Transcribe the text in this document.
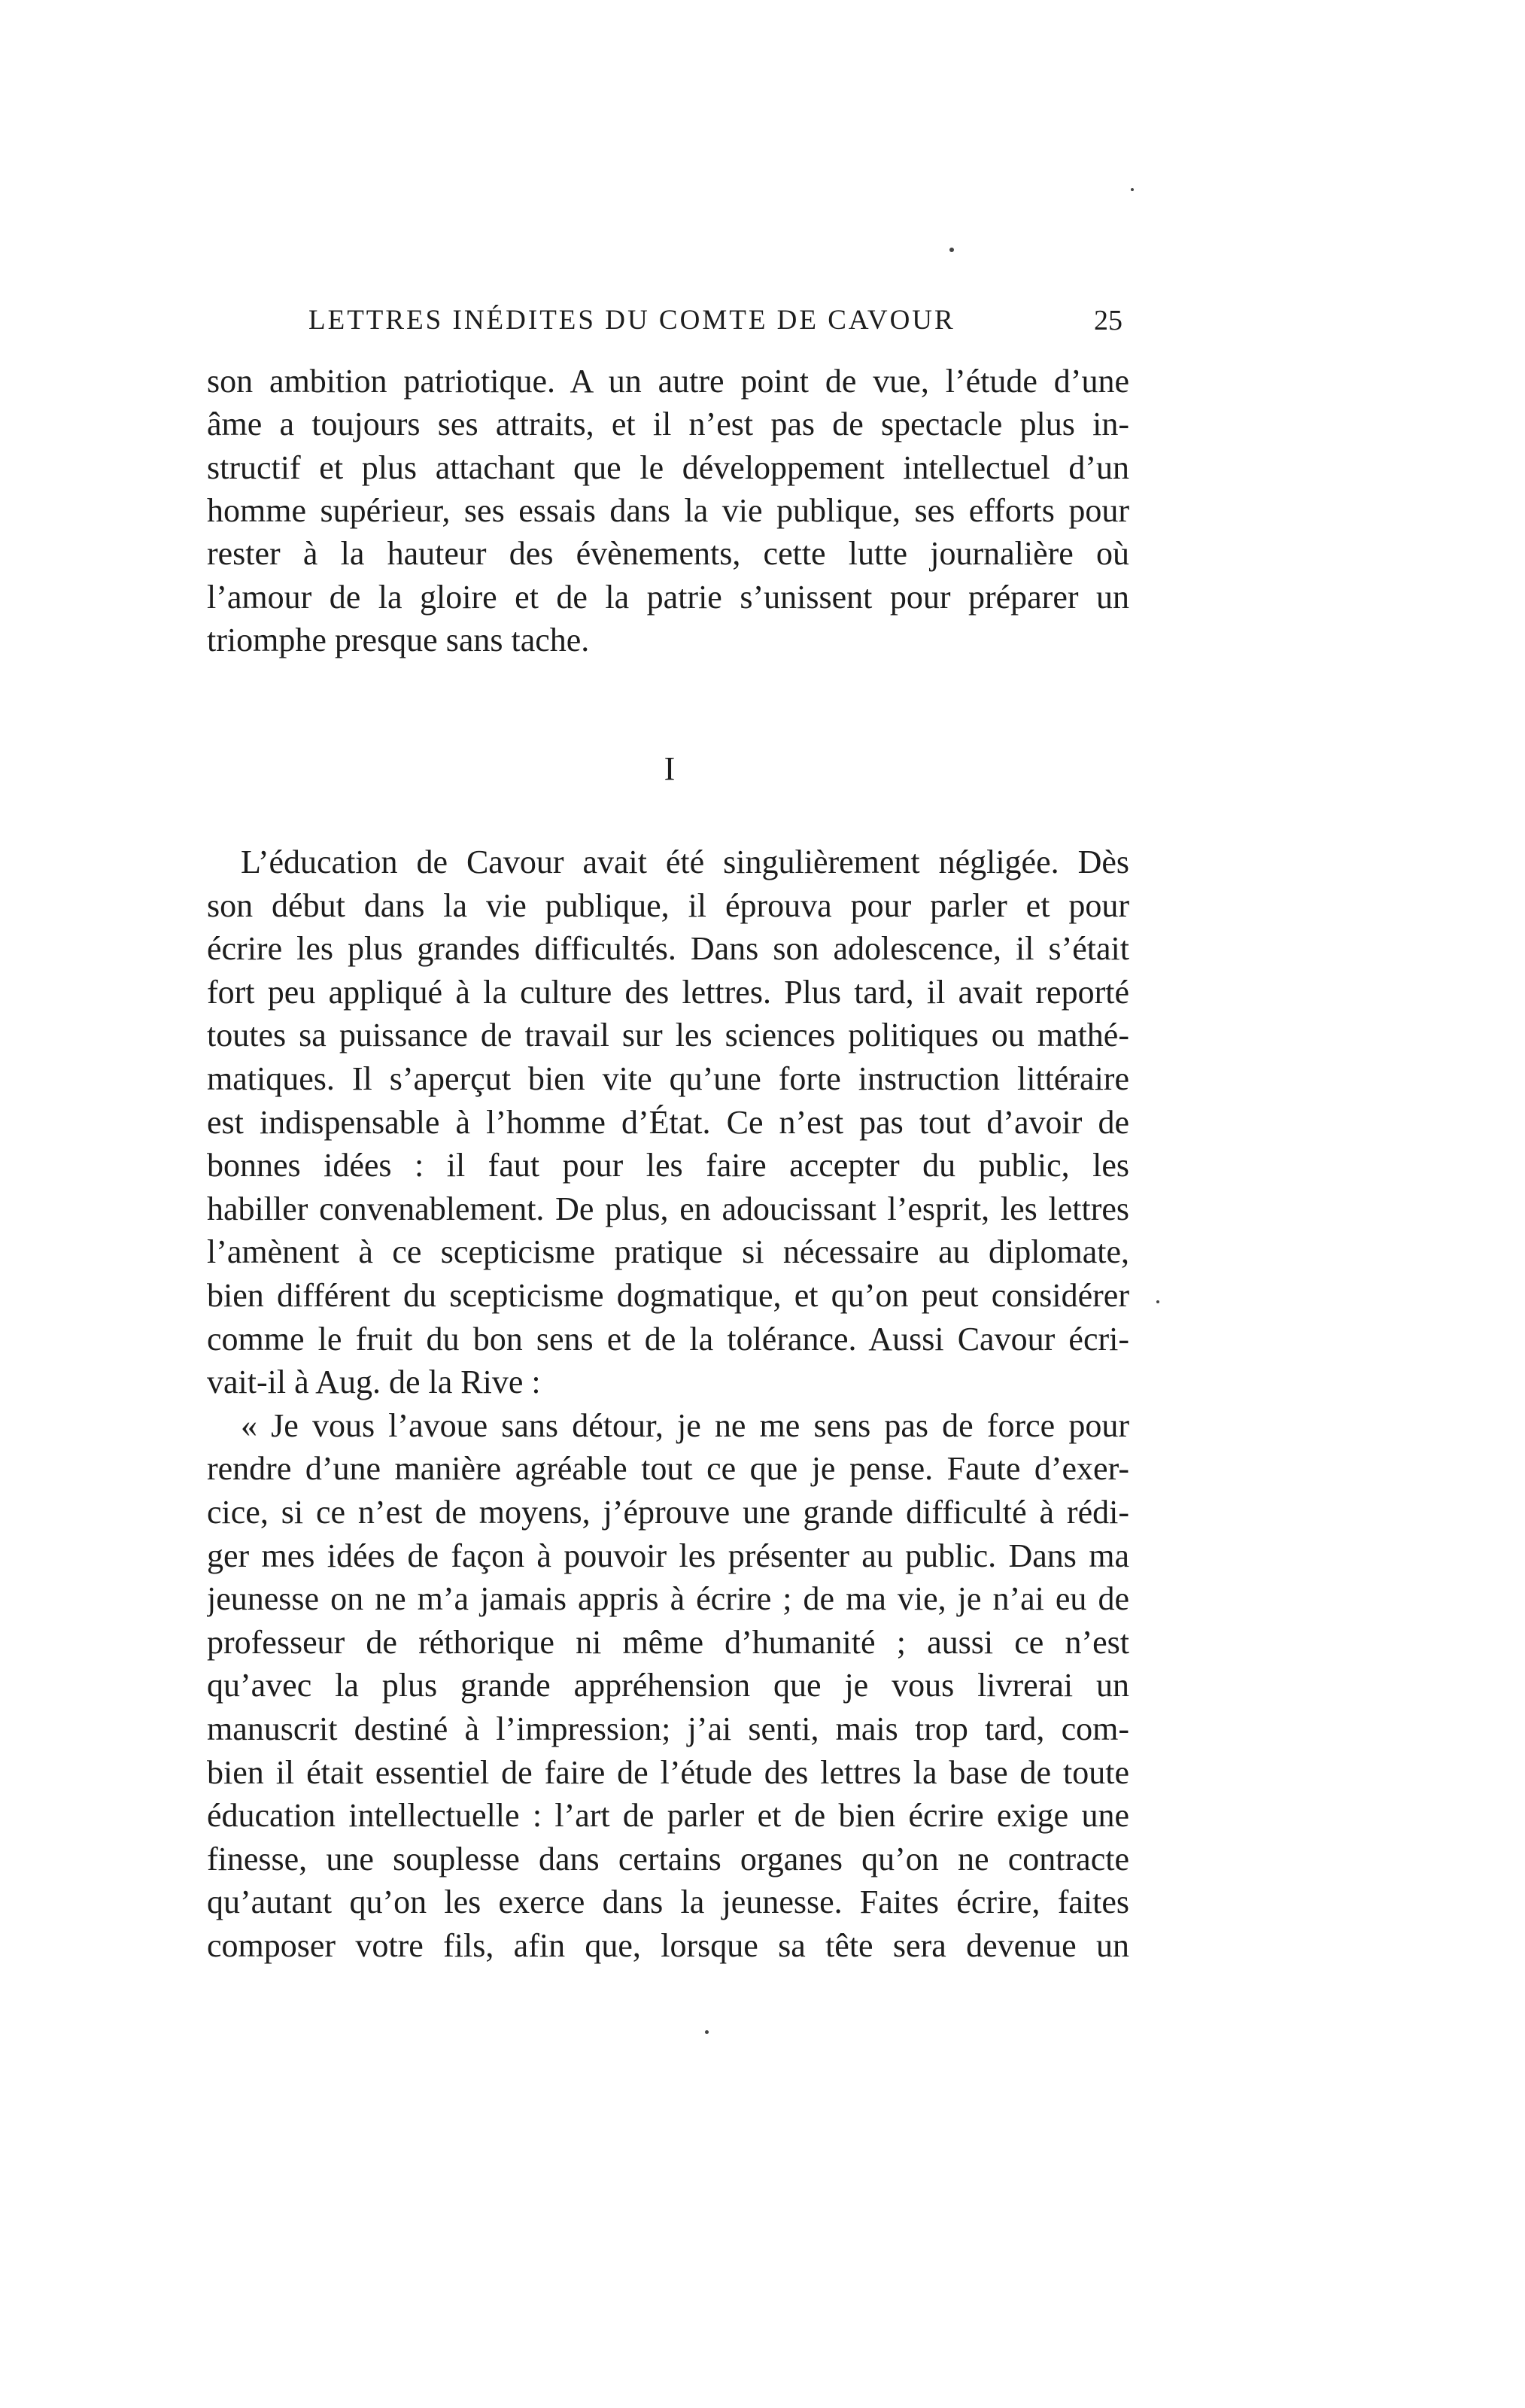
LETTRES INÉDITES DU COMTE DE CAVOUR	25
son ambition patriotique. A un autre point de vue, l’étude d’une
âme a toujours ses attraits, et il n’est pas de spectacle plus in-
structif et plus attachant que le développement intellectuel d’un
homme supérieur, ses essais dans la vie publique, ses efforts pour
rester à la hauteur des évènements, cette lutte journalière où
l’amour de la gloire et de la patrie s’unissent pour préparer un
triomphe presque sans tache.
I
L’éducation de Cavour avait été singulièrement négligée. Dès
son début dans la vie publique, il éprouva pour parler et pour
écrire les plus grandes difficultés. Dans son adolescence, il s’était
fort peu appliqué à la culture des lettres. Plus tard, il avait reporté
toutes sa puissance de travail sur les sciences politiques ou mathé-
matiques. Il s’aperçut bien vite qu’une forte instruction littéraire
est indispensable à l’homme d’État. Ce n’est pas tout d’avoir de
bonnes idées : il faut pour les faire accepter du public, les
habiller convenablement. De plus, en adoucissant l’esprit, les lettres
l’amènent à ce scepticisme pratique si nécessaire au diplomate,
bien différent du scepticisme dogmatique, et qu’on peut considérer
comme le fruit du bon sens et de la tolérance. Aussi Cavour écri-
vait-il à Aug. de la Rive :
« Je vous l’avoue sans détour, je ne me sens pas de force pour
rendre d’une manière agréable tout ce que je pense. Faute d’exer-
cice, si ce n’est de moyens, j’éprouve une grande difficulté à rédi-
ger mes idées de façon à pouvoir les présenter au public. Dans ma
jeunesse on ne m’a jamais appris à écrire ; de ma vie, je n’ai eu de
professeur de réthorique ni même d’humanité ; aussi ce n’est
qu’avec la plus grande appréhension que je vous livrerai un
manuscrit destiné à l’impression; j’ai senti, mais trop tard, com-
bien il était essentiel de faire de l’étude des lettres la base de toute
éducation intellectuelle : l’art de parler et de bien écrire exige une
finesse, une souplesse dans certains organes qu’on ne contracte
qu’autant qu’on les exerce dans la jeunesse. Faites écrire, faites
composer votre fils, afin que, lorsque sa tête sera devenue un
